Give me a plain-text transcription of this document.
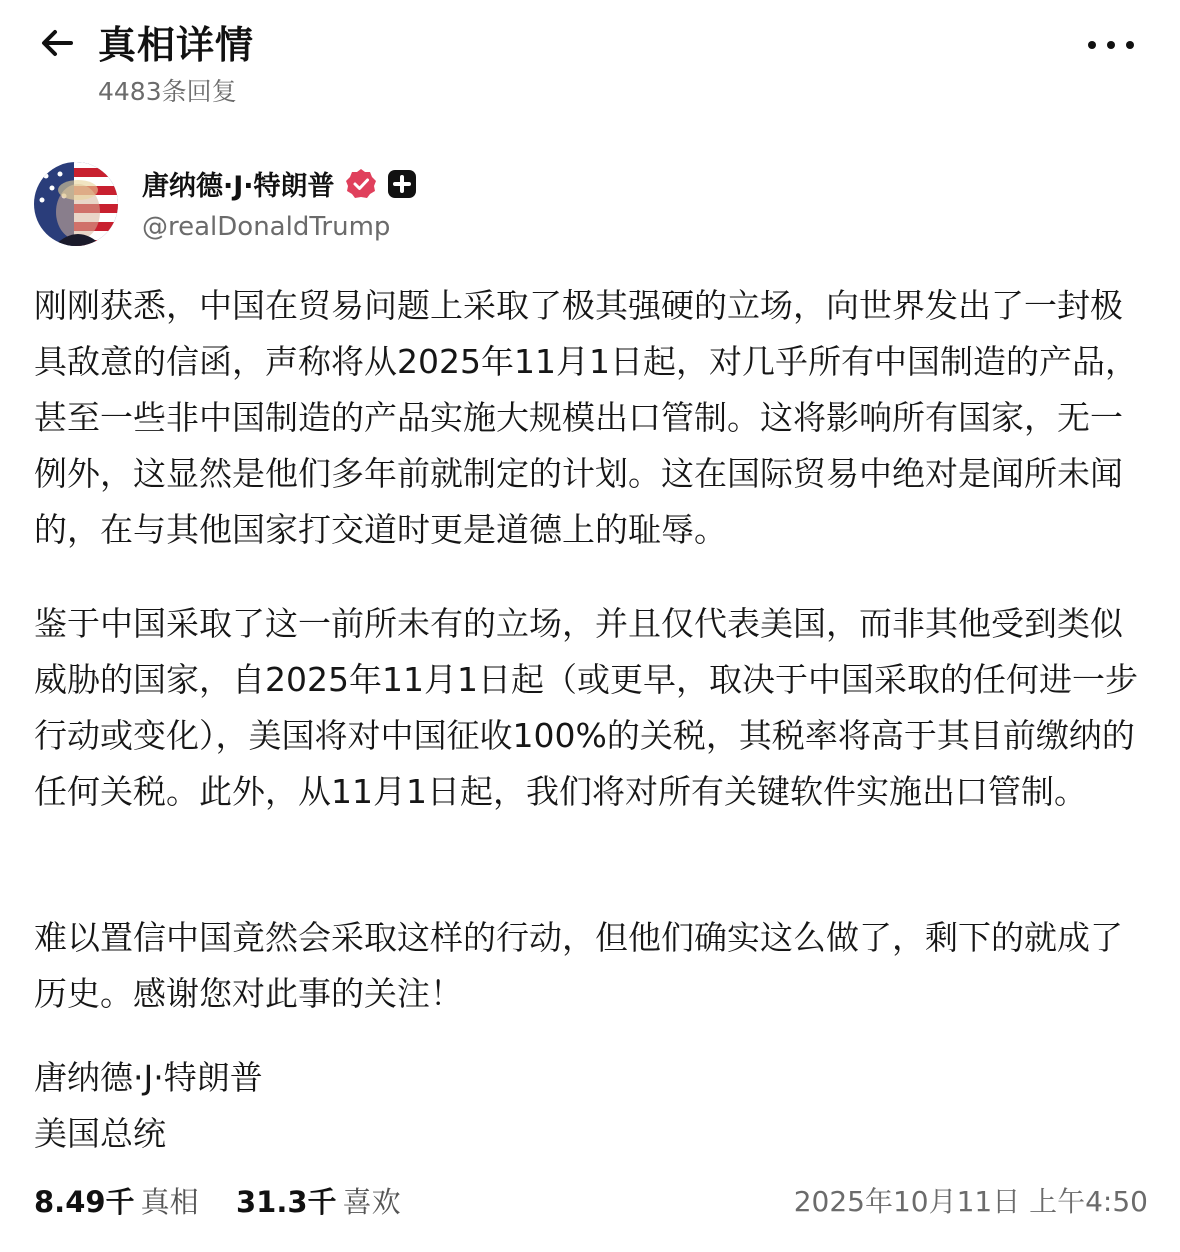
真相详情
4483条回复
唐纳德·J·特朗普
@realDonaldTrump

刚刚获悉，中国在贸易问题上采取了极其强硬的立场，向世界发出了一封极具敌意的信函，声称将从2025年11月1日起，对几乎所有中国制造的产品，甚至一些非中国制造的产品实施大规模出口管制。这将影响所有国家，无一例外，这显然是他们多年前就制定的计划。这在国际贸易中绝对是闻所未闻的，在与其他国家打交道时更是道德上的耻辱。

鉴于中国采取了这一前所未有的立场，并且仅代表美国，而非其他受到类似威胁的国家，自2025年11月1日起（或更早，取决于中国采取的任何进一步行动或变化），美国将对中国征收100%的关税，其税率将高于其目前缴纳的任何关税。此外，从11月1日起，我们将对所有关键软件实施出口管制。

难以置信中国竟然会采取这样的行动，但他们确实这么做了，剩下的就成了历史。感谢您对此事的关注！

唐纳德·J·特朗普

美国总统

8.49千 真相 31.3千 喜欢	2025年10月11日 上午4:50
